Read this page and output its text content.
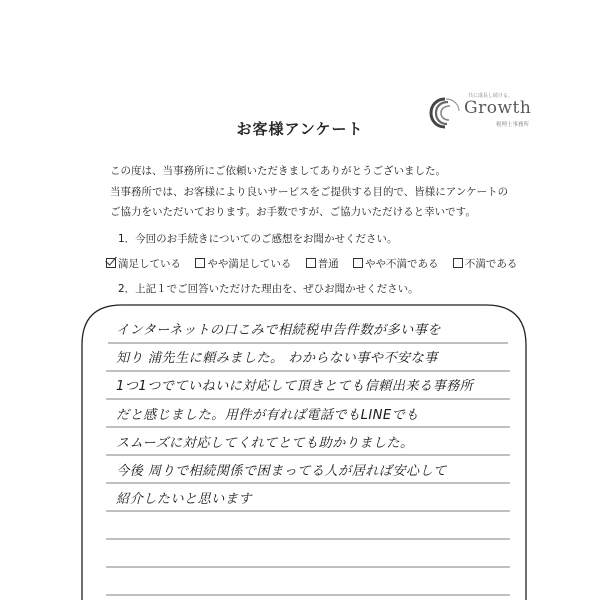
お客様アンケート
共に成長し続ける。
Growth
税理士事務所
この度は、当事務所にご依頼いただきましてありがとうございました。
当事務所では、お客様により良いサービスをご提供する目的で、皆様にアンケートの
ご協力をいただいております。お手数ですが、ご協力いただけると幸いです。
1．今回のお手続きについてのご感想をお聞かせください。
満足している	やや満足している	普通	やや不満である	不満である
2．上記１でご回答いただけた理由を、ぜひお聞かせください。
インターネットの口こみで相続税申告件数が多い事を
知り 浦先生に頼みました。 わからない事や不安な事
1つ1つでていねいに対応して頂きとても信頼出来る事務所
だと感じました。用件が有れば電話でもLINEでも
スムーズに対応してくれてとても助かりました。
今後 周りで相続関係で困まってる人が居れば安心して
紹介したいと思います
